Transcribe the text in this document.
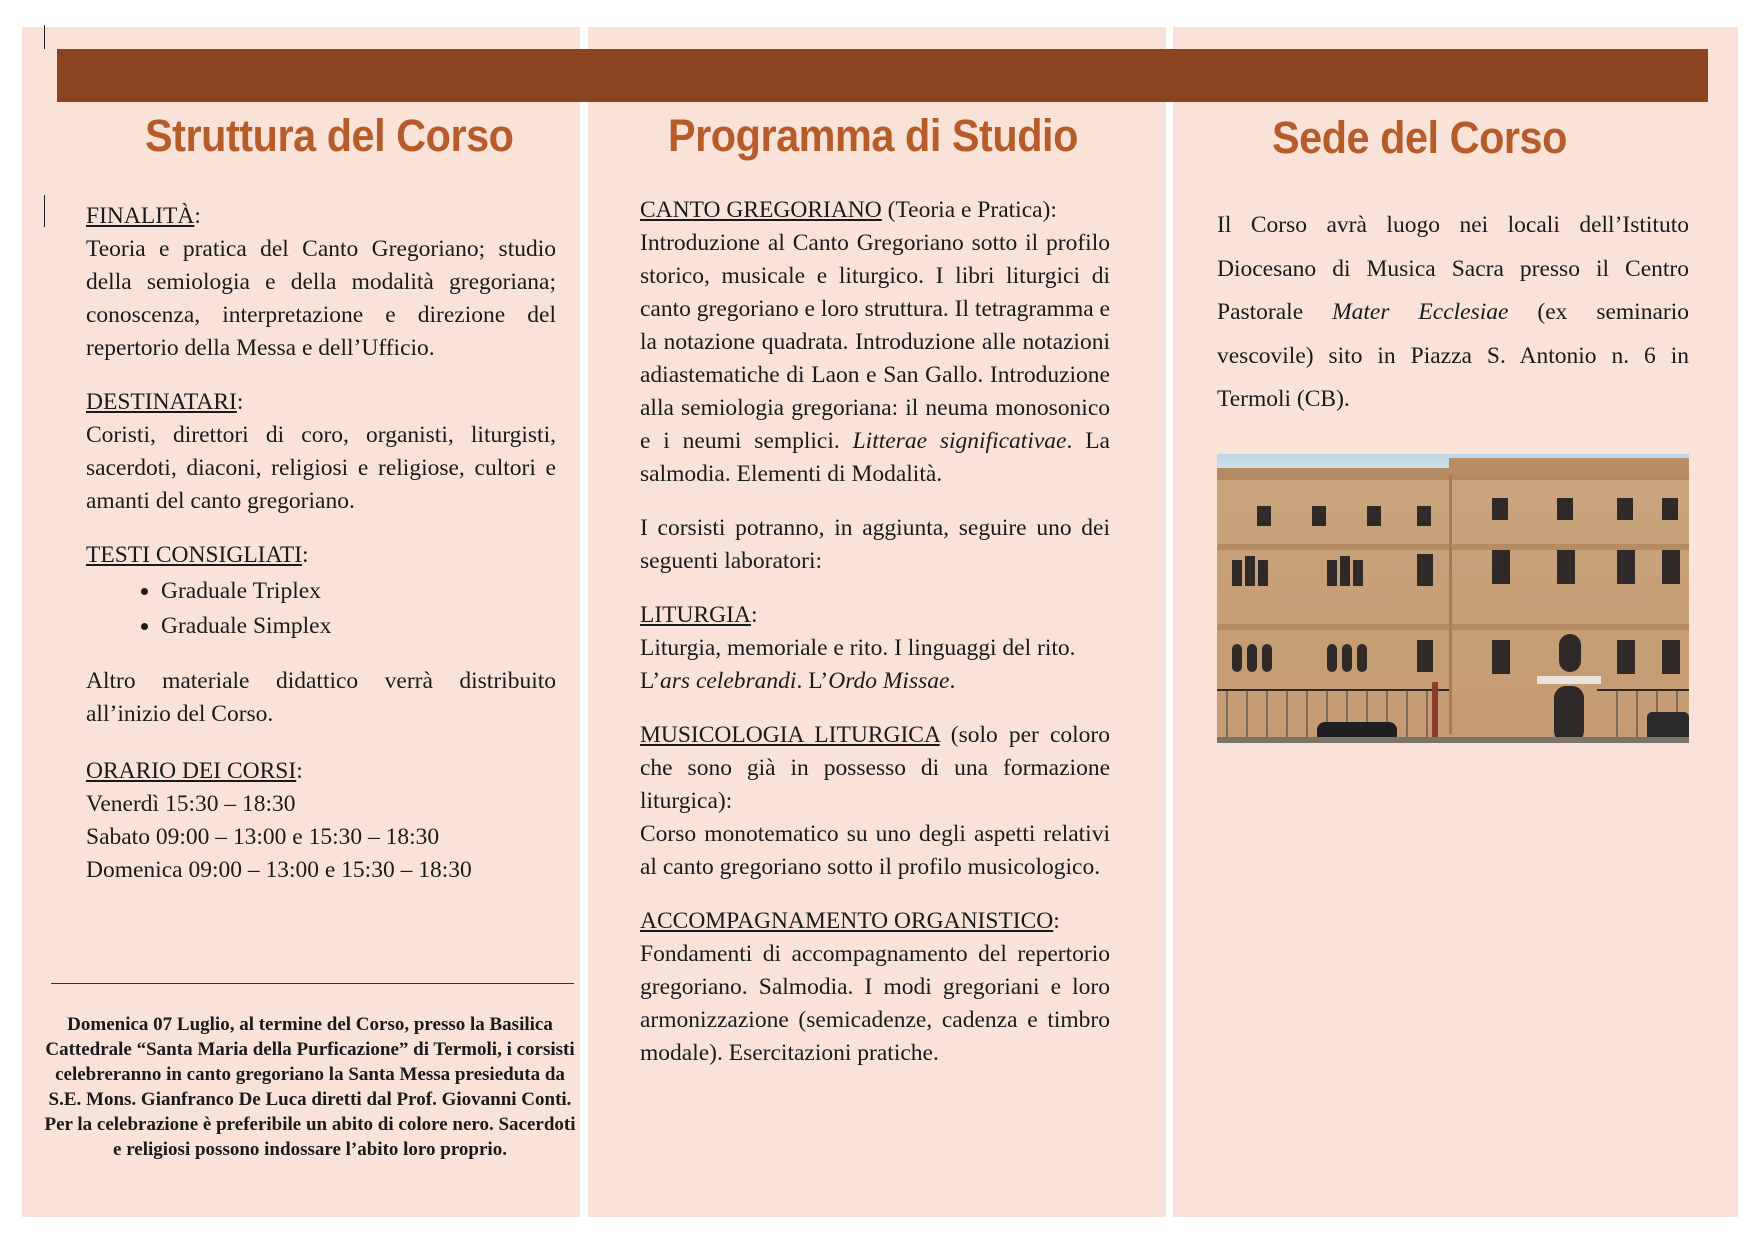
Struttura del Corso

FINALITÀ:

Teoria e pratica del Canto Gregoriano; studio della semiologia e della modalità gregoriana; conoscenza, interpretazione e direzione del repertorio della Messa e dell’Ufficio.

DESTINATARI:

Coristi, direttori di coro, organisti, liturgisti, sacerdoti, diaconi, religiosi e religiose, cultori e amanti del canto gregoriano.

TESTI CONSIGLIATI:

• Graduale Triplex
• Graduale Simplex

Altro materiale didattico verrà distribuito all’inizio del Corso.

ORARIO DEI CORSI:

Venerdì 15:30 – 18:30

Sabato 09:00 – 13:00 e 15:30 – 18:30

Domenica 09:00 – 13:00 e 15:30 – 18:30

Domenica 07 Luglio, al termine del Corso, presso la Basilica Cattedrale “Santa Maria della Purficazione” di Termoli, i corsisti celebreranno in canto gregoriano la Santa Messa presieduta da S.E. Mons. Gianfranco De Luca diretti dal Prof. Giovanni Conti.
Per la celebrazione è preferibile un abito di colore nero. Sacerdoti e religiosi possono indossare l’abito loro proprio.
Programma di Studio

CANTO GREGORIANO (Teoria e Pratica):

Introduzione al Canto Gregoriano sotto il profilo storico, musicale e liturgico. I libri liturgici di canto gregoriano e loro struttura. Il tetragramma e la notazione quadrata. Introduzione alle notazioni adiastematiche di Laon e San Gallo. Introduzione alla semiologia gregoriana: il neuma monosonico e i neumi semplici. Litterae significativae. La salmodia. Elementi di Modalità.

I corsisti potranno, in aggiunta, seguire uno dei seguenti laboratori:

LITURGIA:

Liturgia, memoriale e rito. I linguaggi del rito. L’ars celebrandi. L’Ordo Missae.

MUSICOLOGIA LITURGICA (solo per coloro che sono già in possesso di una formazione liturgica):

Corso monotematico su uno degli aspetti relativi al canto gregoriano sotto il profilo musicologico.

ACCOMPAGNAMENTO ORGANISTICO:

Fondamenti di accompagnamento del repertorio gregoriano. Salmodia. I modi gregoriani e loro armonizzazione (semicadenze, cadenza e timbro modale). Esercitazioni pratiche.

Sede del Corso
Il Corso avrà luogo nei locali dell’Istituto Diocesano di Musica Sacra presso il Centro Pastorale Mater Ecclesiae (ex seminario vescovile) sito in Piazza S. Antonio n. 6 in Termoli (CB).
